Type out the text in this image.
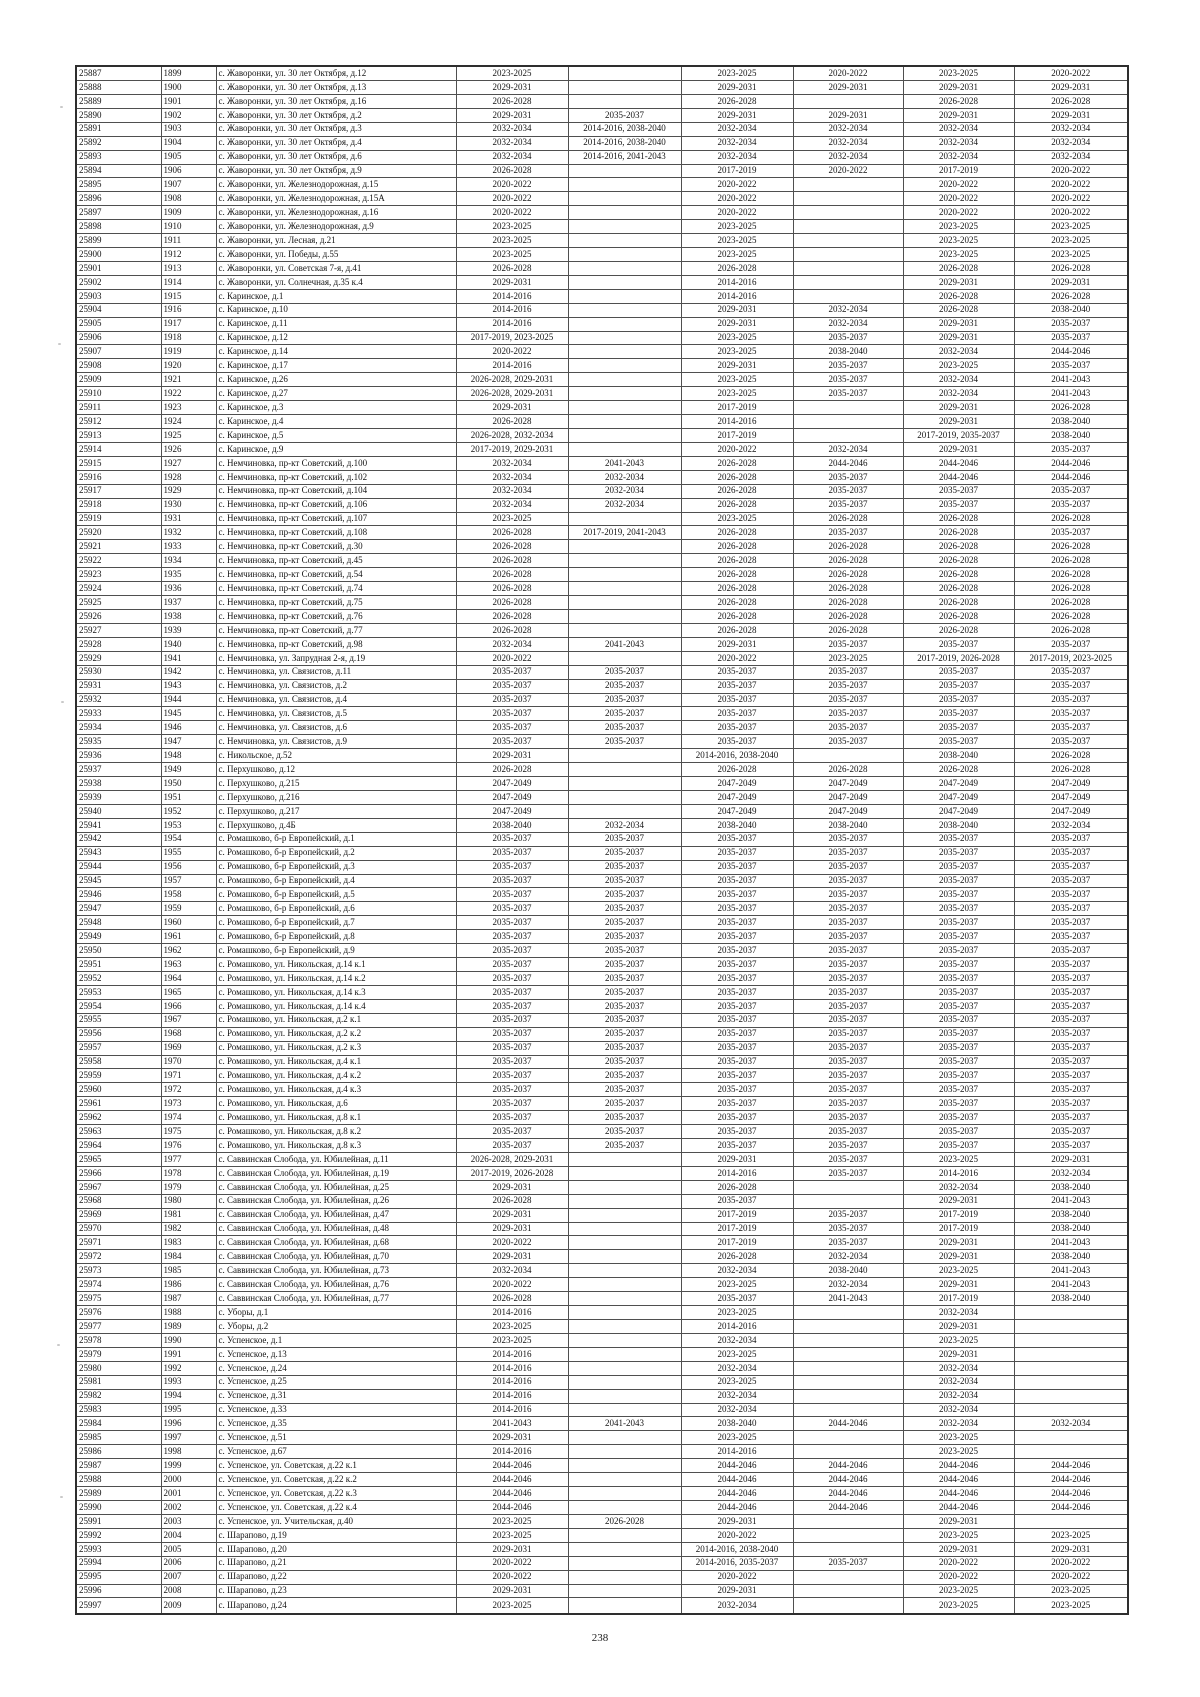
25887	1899	с. Жаворонки, ул. 30 лет Октября, д.12	2023-2025		2023-2025	2020-2022	2023-2025	2020-2022
25888	1900	с. Жаворонки, ул. 30 лет Октября, д.13	2029-2031		2029-2031	2029-2031	2029-2031	2029-2031
25889	1901	с. Жаворонки, ул. 30 лет Октября, д.16	2026-2028		2026-2028		2026-2028	2026-2028
25890	1902	с. Жаворонки, ул. 30 лет Октября, д.2	2029-2031	2035-2037	2029-2031	2029-2031	2029-2031	2029-2031
25891	1903	с. Жаворонки, ул. 30 лет Октября, д.3	2032-2034	2014-2016, 2038-2040	2032-2034	2032-2034	2032-2034	2032-2034
25892	1904	с. Жаворонки, ул. 30 лет Октября, д.4	2032-2034	2014-2016, 2038-2040	2032-2034	2032-2034	2032-2034	2032-2034
25893	1905	с. Жаворонки, ул. 30 лет Октября, д.6	2032-2034	2014-2016, 2041-2043	2032-2034	2032-2034	2032-2034	2032-2034
25894	1906	с. Жаворонки, ул. 30 лет Октября, д.9	2026-2028		2017-2019	2020-2022	2017-2019	2020-2022
25895	1907	с. Жаворонки, ул. Железнодорожная, д.15	2020-2022		2020-2022		2020-2022	2020-2022
25896	1908	с. Жаворонки, ул. Железнодорожная, д.15А	2020-2022		2020-2022		2020-2022	2020-2022
25897	1909	с. Жаворонки, ул. Железнодорожная, д.16	2020-2022		2020-2022		2020-2022	2020-2022
25898	1910	с. Жаворонки, ул. Железнодорожная, д.9	2023-2025		2023-2025		2023-2025	2023-2025
25899	1911	с. Жаворонки, ул. Лесная, д.21	2023-2025		2023-2025		2023-2025	2023-2025
25900	1912	с. Жаворонки, ул. Победы, д.55	2023-2025		2023-2025		2023-2025	2023-2025
25901	1913	с. Жаворонки, ул. Советская 7-я, д.41	2026-2028		2026-2028		2026-2028	2026-2028
25902	1914	с. Жаворонки, ул. Солнечная, д.35 к.4	2029-2031		2014-2016		2029-2031	2029-2031
25903	1915	с. Каринское, д.1	2014-2016		2014-2016		2026-2028	2026-2028
25904	1916	с. Каринское, д.10	2014-2016		2029-2031	2032-2034	2026-2028	2038-2040
25905	1917	с. Каринское, д.11	2014-2016		2029-2031	2032-2034	2029-2031	2035-2037
25906	1918	с. Каринское, д.12	2017-2019, 2023-2025		2023-2025	2035-2037	2029-2031	2035-2037
25907	1919	с. Каринское, д.14	2020-2022		2023-2025	2038-2040	2032-2034	2044-2046
25908	1920	с. Каринское, д.17	2014-2016		2029-2031	2035-2037	2023-2025	2035-2037
25909	1921	с. Каринское, д.26	2026-2028, 2029-2031		2023-2025	2035-2037	2032-2034	2041-2043
25910	1922	с. Каринское, д.27	2026-2028, 2029-2031		2023-2025	2035-2037	2032-2034	2041-2043
25911	1923	с. Каринское, д.3	2029-2031		2017-2019		2029-2031	2026-2028
25912	1924	с. Каринское, д.4	2026-2028		2014-2016		2029-2031	2038-2040
25913	1925	с. Каринское, д.5	2026-2028, 2032-2034		2017-2019		2017-2019, 2035-2037	2038-2040
25914	1926	с. Каринское, д.9	2017-2019, 2029-2031		2020-2022	2032-2034	2029-2031	2035-2037
25915	1927	с. Немчиновка, пр-кт Советский, д.100	2032-2034	2041-2043	2026-2028	2044-2046	2044-2046	2044-2046
25916	1928	с. Немчиновка, пр-кт Советский, д.102	2032-2034	2032-2034	2026-2028	2035-2037	2044-2046	2044-2046
25917	1929	с. Немчиновка, пр-кт Советский, д.104	2032-2034	2032-2034	2026-2028	2035-2037	2035-2037	2035-2037
25918	1930	с. Немчиновка, пр-кт Советский, д.106	2032-2034	2032-2034	2026-2028	2035-2037	2035-2037	2035-2037
25919	1931	с. Немчиновка, пр-кт Советский, д.107	2023-2025		2023-2025	2026-2028	2026-2028	2026-2028
25920	1932	с. Немчиновка, пр-кт Советский, д.108	2026-2028	2017-2019, 2041-2043	2026-2028	2035-2037	2026-2028	2035-2037
25921	1933	с. Немчиновка, пр-кт Советский, д.30	2026-2028		2026-2028	2026-2028	2026-2028	2026-2028
25922	1934	с. Немчиновка, пр-кт Советский, д.45	2026-2028		2026-2028	2026-2028	2026-2028	2026-2028
25923	1935	с. Немчиновка, пр-кт Советский, д.54	2026-2028		2026-2028	2026-2028	2026-2028	2026-2028
25924	1936	с. Немчиновка, пр-кт Советский, д.74	2026-2028		2026-2028	2026-2028	2026-2028	2026-2028
25925	1937	с. Немчиновка, пр-кт Советский, д.75	2026-2028		2026-2028	2026-2028	2026-2028	2026-2028
25926	1938	с. Немчиновка, пр-кт Советский, д.76	2026-2028		2026-2028	2026-2028	2026-2028	2026-2028
25927	1939	с. Немчиновка, пр-кт Советский, д.77	2026-2028		2026-2028	2026-2028	2026-2028	2026-2028
25928	1940	с. Немчиновка, пр-кт Советский, д.98	2032-2034	2041-2043	2029-2031	2035-2037	2035-2037	2035-2037
25929	1941	с. Немчиновка, ул. Запрудная 2-я, д.19	2020-2022		2020-2022	2023-2025	2017-2019, 2026-2028	2017-2019, 2023-2025
25930	1942	с. Немчиновка, ул. Связистов, д.11	2035-2037	2035-2037	2035-2037	2035-2037	2035-2037	2035-2037
25931	1943	с. Немчиновка, ул. Связистов, д.2	2035-2037	2035-2037	2035-2037	2035-2037	2035-2037	2035-2037
25932	1944	с. Немчиновка, ул. Связистов, д.4	2035-2037	2035-2037	2035-2037	2035-2037	2035-2037	2035-2037
25933	1945	с. Немчиновка, ул. Связистов, д.5	2035-2037	2035-2037	2035-2037	2035-2037	2035-2037	2035-2037
25934	1946	с. Немчиновка, ул. Связистов, д.6	2035-2037	2035-2037	2035-2037	2035-2037	2035-2037	2035-2037
25935	1947	с. Немчиновка, ул. Связистов, д.9	2035-2037	2035-2037	2035-2037	2035-2037	2035-2037	2035-2037
25936	1948	с. Никольское, д.52	2029-2031		2014-2016, 2038-2040		2038-2040	2026-2028
25937	1949	с. Перхушково, д.12	2026-2028		2026-2028	2026-2028	2026-2028	2026-2028
25938	1950	с. Перхушково, д.215	2047-2049		2047-2049	2047-2049	2047-2049	2047-2049
25939	1951	с. Перхушково, д.216	2047-2049		2047-2049	2047-2049	2047-2049	2047-2049
25940	1952	с. Перхушково, д.217	2047-2049		2047-2049	2047-2049	2047-2049	2047-2049
25941	1953	с. Перхушково, д.4Б	2038-2040	2032-2034	2038-2040	2038-2040	2038-2040	2032-2034
25942	1954	с. Ромашково, б-р Европейский, д.1	2035-2037	2035-2037	2035-2037	2035-2037	2035-2037	2035-2037
25943	1955	с. Ромашково, б-р Европейский, д.2	2035-2037	2035-2037	2035-2037	2035-2037	2035-2037	2035-2037
25944	1956	с. Ромашково, б-р Европейский, д.3	2035-2037	2035-2037	2035-2037	2035-2037	2035-2037	2035-2037
25945	1957	с. Ромашково, б-р Европейский, д.4	2035-2037	2035-2037	2035-2037	2035-2037	2035-2037	2035-2037
25946	1958	с. Ромашково, б-р Европейский, д.5	2035-2037	2035-2037	2035-2037	2035-2037	2035-2037	2035-2037
25947	1959	с. Ромашково, б-р Европейский, д.6	2035-2037	2035-2037	2035-2037	2035-2037	2035-2037	2035-2037
25948	1960	с. Ромашково, б-р Европейский, д.7	2035-2037	2035-2037	2035-2037	2035-2037	2035-2037	2035-2037
25949	1961	с. Ромашково, б-р Европейский, д.8	2035-2037	2035-2037	2035-2037	2035-2037	2035-2037	2035-2037
25950	1962	с. Ромашково, б-р Европейский, д.9	2035-2037	2035-2037	2035-2037	2035-2037	2035-2037	2035-2037
25951	1963	с. Ромашково, ул. Никольская, д.14 к.1	2035-2037	2035-2037	2035-2037	2035-2037	2035-2037	2035-2037
25952	1964	с. Ромашково, ул. Никольская, д.14 к.2	2035-2037	2035-2037	2035-2037	2035-2037	2035-2037	2035-2037
25953	1965	с. Ромашково, ул. Никольская, д.14 к.3	2035-2037	2035-2037	2035-2037	2035-2037	2035-2037	2035-2037
25954	1966	с. Ромашково, ул. Никольская, д.14 к.4	2035-2037	2035-2037	2035-2037	2035-2037	2035-2037	2035-2037
25955	1967	с. Ромашково, ул. Никольская, д.2 к.1	2035-2037	2035-2037	2035-2037	2035-2037	2035-2037	2035-2037
25956	1968	с. Ромашково, ул. Никольская, д.2 к.2	2035-2037	2035-2037	2035-2037	2035-2037	2035-2037	2035-2037
25957	1969	с. Ромашково, ул. Никольская, д.2 к.3	2035-2037	2035-2037	2035-2037	2035-2037	2035-2037	2035-2037
25958	1970	с. Ромашково, ул. Никольская, д.4 к.1	2035-2037	2035-2037	2035-2037	2035-2037	2035-2037	2035-2037
25959	1971	с. Ромашково, ул. Никольская, д.4 к.2	2035-2037	2035-2037	2035-2037	2035-2037	2035-2037	2035-2037
25960	1972	с. Ромашково, ул. Никольская, д.4 к.3	2035-2037	2035-2037	2035-2037	2035-2037	2035-2037	2035-2037
25961	1973	с. Ромашково, ул. Никольская, д.6	2035-2037	2035-2037	2035-2037	2035-2037	2035-2037	2035-2037
25962	1974	с. Ромашково, ул. Никольская, д.8 к.1	2035-2037	2035-2037	2035-2037	2035-2037	2035-2037	2035-2037
25963	1975	с. Ромашково, ул. Никольская, д.8 к.2	2035-2037	2035-2037	2035-2037	2035-2037	2035-2037	2035-2037
25964	1976	с. Ромашково, ул. Никольская, д.8 к.3	2035-2037	2035-2037	2035-2037	2035-2037	2035-2037	2035-2037
25965	1977	с. Саввинская Слобода, ул. Юбилейная, д.11	2026-2028, 2029-2031		2029-2031	2035-2037	2023-2025	2029-2031
25966	1978	с. Саввинская Слобода, ул. Юбилейная, д.19	2017-2019, 2026-2028		2014-2016	2035-2037	2014-2016	2032-2034
25967	1979	с. Саввинская Слобода, ул. Юбилейная, д.25	2029-2031		2026-2028		2032-2034	2038-2040
25968	1980	с. Саввинская Слобода, ул. Юбилейная, д.26	2026-2028		2035-2037		2029-2031	2041-2043
25969	1981	с. Саввинская Слобода, ул. Юбилейная, д.47	2029-2031		2017-2019	2035-2037	2017-2019	2038-2040
25970	1982	с. Саввинская Слобода, ул. Юбилейная, д.48	2029-2031		2017-2019	2035-2037	2017-2019	2038-2040
25971	1983	с. Саввинская Слобода, ул. Юбилейная, д.68	2020-2022		2017-2019	2035-2037	2029-2031	2041-2043
25972	1984	с. Саввинская Слобода, ул. Юбилейная, д.70	2029-2031		2026-2028	2032-2034	2029-2031	2038-2040
25973	1985	с. Саввинская Слобода, ул. Юбилейная, д.73	2032-2034		2032-2034	2038-2040	2023-2025	2041-2043
25974	1986	с. Саввинская Слобода, ул. Юбилейная, д.76	2020-2022		2023-2025	2032-2034	2029-2031	2041-2043
25975	1987	с. Саввинская Слобода, ул. Юбилейная, д.77	2026-2028		2035-2037	2041-2043	2017-2019	2038-2040
25976	1988	с. Уборы, д.1	2014-2016		2023-2025		2032-2034	
25977	1989	с. Уборы, д.2	2023-2025		2014-2016		2029-2031	
25978	1990	с. Успенское, д.1	2023-2025		2032-2034		2023-2025	
25979	1991	с. Успенское, д.13	2014-2016		2023-2025		2029-2031	
25980	1992	с. Успенское, д.24	2014-2016		2032-2034		2032-2034	
25981	1993	с. Успенское, д.25	2014-2016		2023-2025		2032-2034	
25982	1994	с. Успенское, д.31	2014-2016		2032-2034		2032-2034	
25983	1995	с. Успенское, д.33	2014-2016		2032-2034		2032-2034	
25984	1996	с. Успенское, д.35	2041-2043	2041-2043	2038-2040	2044-2046	2032-2034	2032-2034
25985	1997	с. Успенское, д.51	2029-2031		2023-2025		2023-2025	
25986	1998	с. Успенское, д.67	2014-2016		2014-2016		2023-2025	
25987	1999	с. Успенское, ул. Советская, д.22 к.1	2044-2046		2044-2046	2044-2046	2044-2046	2044-2046
25988	2000	с. Успенское, ул. Советская, д.22 к.2	2044-2046		2044-2046	2044-2046	2044-2046	2044-2046
25989	2001	с. Успенское, ул. Советская, д.22 к.3	2044-2046		2044-2046	2044-2046	2044-2046	2044-2046
25990	2002	с. Успенское, ул. Советская, д.22 к.4	2044-2046		2044-2046	2044-2046	2044-2046	2044-2046
25991	2003	с. Успенское, ул. Учительская, д.40	2023-2025	2026-2028	2029-2031		2029-2031	
25992	2004	с. Шарапово, д.19	2023-2025		2020-2022		2023-2025	2023-2025
25993	2005	с. Шарапово, д.20	2029-2031		2014-2016, 2038-2040		2029-2031	2029-2031
25994	2006	с. Шарапово, д.21	2020-2022		2014-2016, 2035-2037	2035-2037	2020-2022	2020-2022
25995	2007	с. Шарапово, д.22	2020-2022		2020-2022		2020-2022	2020-2022
25996	2008	с. Шарапово, д.23	2029-2031		2029-2031		2023-2025	2023-2025
25997	2009	с. Шарапово, д.24	2023-2025		2032-2034		2023-2025	2023-2025
238
